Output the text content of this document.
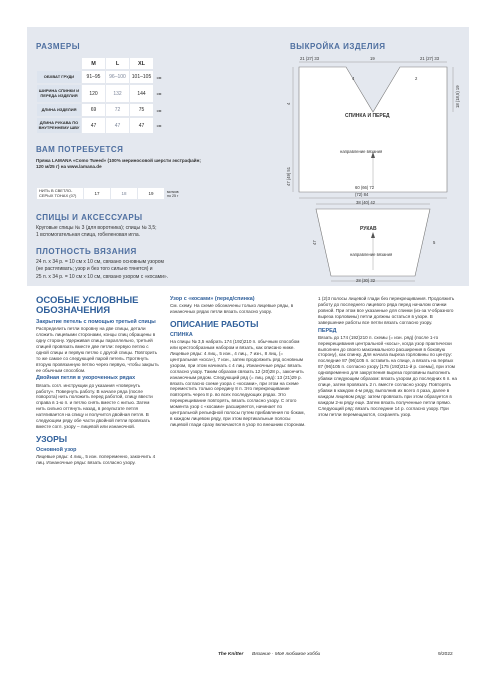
РАЗМЕРЫ
	M	L	XL	
ОБХВАТ ГРУДИ	91–95	96–100	101–105	см
ШИРИНА СПИНКИ И ПЕРЕДА ИЗДЕЛИЯ	120	132	144	см
ДЛИНА ИЗДЕЛИЯ	69	72	75	см
ДЛИНА РУКАВА ПО ВНУТРЕННЕМУ ШВУ	47	47	47	см
ВАМ ПОТРЕБУЕТСЯ
Пряжа LAMANA «Como Tweed» (100% мериносовой шерсти экстрафайн; 120 м/25 г) на www.lamana.de
НИТЬ В СВЕТЛО-СЕРЫХ ТОНАХ (07)	17	18	19	мотков по 25 г
СПИЦЫ И АКСЕССУАРЫ
Круговые спицы № 3 (для воротника); спицы № 3,5;
1 вспомогательная спица, гобеленовая игла.
ПЛОТНОСТЬ ВЯЗАНИЯ
24 п. x 34 р. = 10 см x 10 см, связано основным узором
(не растягивать; узор и без того сильно тянется) и
25 п. x 34 р. = 10 см x 10 см, связано узором с «косами».
ВЫКРОЙКА ИЗДЕЛИЯ
21 (27) 33	19	21 (27) 33
4	2
18 (18,5) 19
47 (49) 51
4
СПИНКА И ПЕРЕД
направление вязания
60 (66) 72
(72) 84
38 (40) 42
РУКАВ
направление вязания
5
47
28 (30) 32
ОСОБЫЕ УСЛОВНЫЕ ОБОЗНАЧЕНИЯ
Закрытие петель с помощью третьей спицы

Распределить петли поровну на две спицы, детали сложить лицевыми сторонами, концы спиц обращены в одну сторону. Удерживая спицы параллельно, третьей спицей провязать вместе две петли: первую петлю с одной спицы и первую петлю с другой спицы. Повторить то же самое со следующей парой петель. Протянуть вторую провязанную петлю через первую, чтобы закрыть ее обычным способом.

Двойная петля в укороченных рядах

Вязать согл. инструкции до указания «повернуть работу». Повернуть работу. В начале ряда (после поворота) нить положить перед работой, спицу ввести справа в 1-ю п. и петлю снять вместе с нитью. Затем нить сильно оттянуть назад, в результате петля натягивается на спицу и получится двойная петля. В следующем ряду обе части двойной петли провязать вместе согл. узору – лицевой или изнаночной.

УЗОРЫ
Основной узор

Лицевые ряды: 4 лиц., 5 изн. попеременно, закончить 4 лиц. Изнаночные ряды: вязать согласно узору.

Узор с «косами» (перед/спинка)

См. схему. На схеме обозначены только лицевые ряды, в изнаночных рядах петли вязать согласно узору.

ОПИСАНИЕ РАБОТЫ
СПИНКА

На спицы № 3,5 набрать 174 (192)210 п. обычным способом или крестообразным набором и вязать, как описано ниже. Лицевые ряды: 4 лиц., 5 изн., 4 лиц., 7 изн., 8 лиц. (= центральная «коса»), 7 изн., затем продолжить ряд основным узором, при этом начинать с 4 лиц. Изнаночные ряды: вязать согласно узору. Таким образом связать 12 (20)28 р., закончить изнаночным рядом. Следующий ряд (= лиц. ряд): 13 (21)29 р. вязать согласно схеме узора с «косами», при этом на схеме переместить только середину 8 п. Это перекрещивание повторять через 8 р. во всех последующих рядах. Это перекрещивание повторять, вязать согласно узору. С этого момента узор с «косами» расширяется, начинает по центральной рельефной полосы путем прибавления по бокам, в каждом лицевом ряду, при этом вертикальные полосы лицевой глади сразу включаются в узор по внешним сторонам.

1 (2)3 полосы лицевой глади без перекрещивания. Продолжить работу до последнего лицевого ряда перед началом спинки ровной. При этом все указанные для спинки (из-за V-образного выреза горловины) петли должны остаться в узоре. В завершение работы все петли вязать согласно узору.

ПЕРЕД

Вязать до 174 (192)210 п. схемы (= изн. ряд) (после 1-го перекрещивания центральной «косы», когда узор практически выполнен до своего максимального расширения в боковую сторону), как спинку. Для начала выреза горловины по центру: последние 87 (96)105 п. оставить на спице, а вязать на первых 87 (96)105 п. согласно узору [175 (193)211-й р. схемы], при этом одновременно для закругления выреза горловины выполнить убавки следующим образом: вязать узором до последних 6 п. на спице, затем провязать 2 п. вместе согласно узору. Повторять убавки в каждом 4-м ряду, выполнив их всего 4 раза, далее в каждом лицевом ряду: затем провязать при этом образуется в каждом 2-м ряду еще. Затем вязать полученные петли прямо. Следующий ряд: вязать последние 14 р. согласно узору. При этом петли перемещаются, сохранять узор.

The Knitter Вязание · Моё любимое хобби	9/2022
